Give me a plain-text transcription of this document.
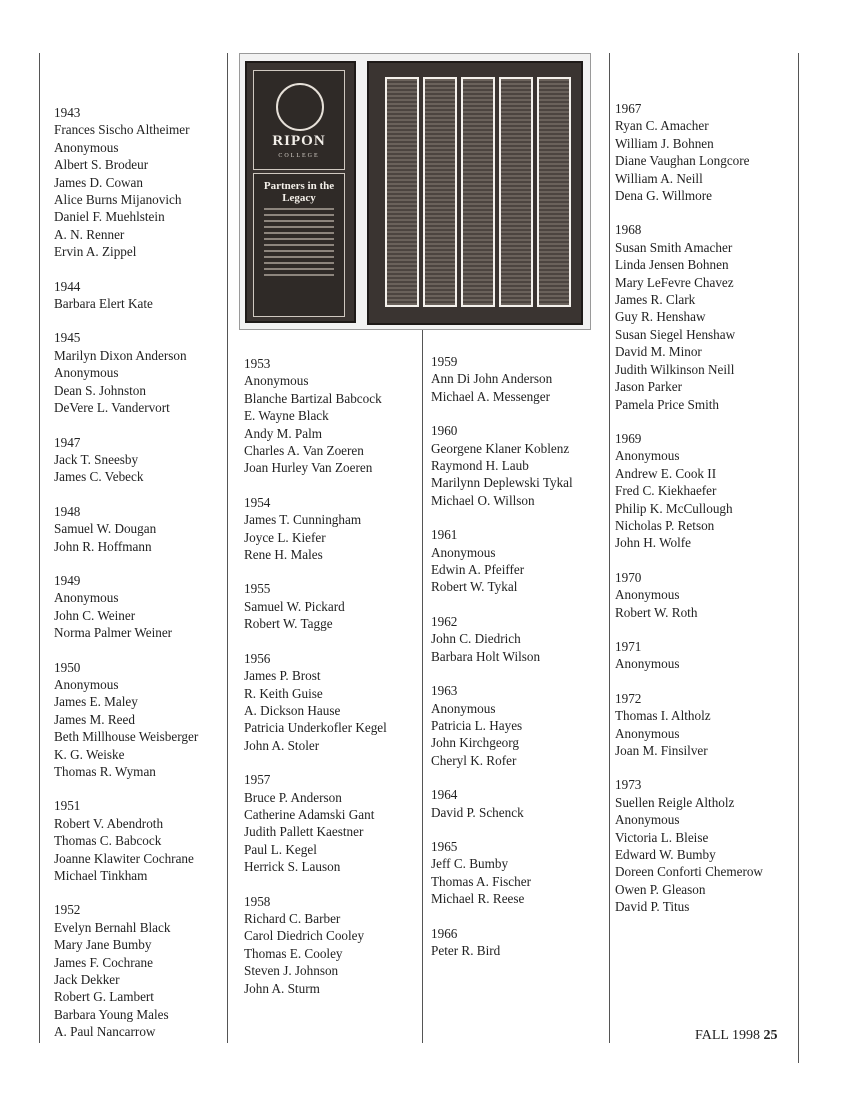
RIPON
COLLEGE
Partners in the Legacy
1943
Frances Sischo Altheimer
Anonymous
Albert S. Brodeur
James D. Cowan
Alice Burns Mijanovich
Daniel F. Muehlstein
A. N. Renner
Ervin A. Zippel
1944
Barbara Elert Kate
1945
Marilyn Dixon Anderson
Anonymous
Dean S. Johnston
DeVere L. Vandervort
1947
Jack T. Sneesby
James C. Vebeck
1948
Samuel W. Dougan
John R. Hoffmann
1949
Anonymous
John C. Weiner
Norma Palmer Weiner
1950
Anonymous
James E. Maley
James M. Reed
Beth Millhouse Weisberger
K. G. Weiske
Thomas R. Wyman
1951
Robert V. Abendroth
Thomas C. Babcock
Joanne Klawiter Cochrane
Michael Tinkham
1952
Evelyn Bernahl Black
Mary Jane Bumby
James F. Cochrane
Jack Dekker
Robert G. Lambert
Barbara Young Males
A. Paul Nancarrow
1953
Anonymous
Blanche Bartizal Babcock
E. Wayne Black
Andy M. Palm
Charles A. Van Zoeren
Joan Hurley Van Zoeren
1954
James T. Cunningham
Joyce L. Kiefer
Rene H. Males
1955
Samuel W. Pickard
Robert W. Tagge
1956
James P. Brost
R. Keith Guise
A. Dickson Hause
Patricia Underkofler Kegel
John A. Stoler
1957
Bruce P. Anderson
Catherine Adamski Gant
Judith Pallett Kaestner
Paul L. Kegel
Herrick S. Lauson
1958
Richard C. Barber
Carol Diedrich Cooley
Thomas E. Cooley
Steven J. Johnson
John A. Sturm
1959
Ann Di John Anderson
Michael A. Messenger
1960
Georgene Klaner Koblenz
Raymond H. Laub
Marilynn Deplewski Tykal
Michael O. Willson
1961
Anonymous
Edwin A. Pfeiffer
Robert W. Tykal
1962
John C. Diedrich
Barbara Holt Wilson
1963
Anonymous
Patricia L. Hayes
John Kirchgeorg
Cheryl K. Rofer
1964
David P. Schenck
1965
Jeff C. Bumby
Thomas A. Fischer
Michael R. Reese
1966
Peter R. Bird
1967
Ryan C. Amacher
William J. Bohnen
Diane Vaughan Longcore
William A. Neill
Dena G. Willmore
1968
Susan Smith Amacher
Linda Jensen Bohnen
Mary LeFevre Chavez
James R. Clark
Guy R. Henshaw
Susan Siegel Henshaw
David M. Minor
Judith Wilkinson Neill
Jason Parker
Pamela Price Smith
1969
Anonymous
Andrew E. Cook II
Fred C. Kiekhaefer
Philip K. McCullough
Nicholas P. Retson
John H. Wolfe
1970
Anonymous
Robert W. Roth
1971
Anonymous
1972
Thomas I. Altholz
Anonymous
Joan M. Finsilver
1973
Suellen Reigle Altholz
Anonymous
Victoria L. Bleise
Edward W. Bumby
Doreen Conforti Chemerow
Owen P. Gleason
David P. Titus
FALL 1998 25
